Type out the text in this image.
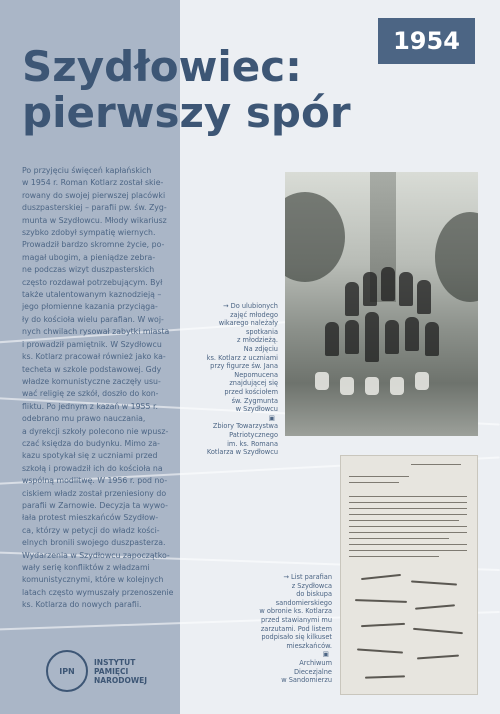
1954
Szydłowiec:
pierwszy spór

Po przyjęciu święceń kapłańskich
w 1954 r. Roman Kotlarz został skie-
rowany do swojej pierwszej placówki
duszpasterskiej – parafii pw. św. Zyg-
munta w Szydłowcu. Młody wikariusz
szybko zdobył sympatię wiernych.
Prowadził bardzo skromne życie, po-
magał ubogim, a pieniądze zebra-
ne podczas wizyt duszpasterskich
często rozdawał potrzebującym. Był
także utalentowanym kaznodzieją –
jego płomienne kazania przyciąga-
ły do kościoła wielu parafian. W woj-
nych chwilach rysował zabytki miasta
i prowadził pamiętnik. W Szydłowcu
ks. Kotlarz pracował również jako ka-
techeta w szkole podstawowej. Gdy
władze komunistyczne zaczęły usu-
wać religię ze szkół, doszło do kon-
fliktu. Po jednym z kazań w 1955 r.
odebrano mu prawo nauczania,
a dyrekcji szkoły polecono nie wpusz-
czać księdza do budynku. Mimo za-
kazu spotykał się z uczniami przed
szkołą i prowadził ich do kościoła na
wspólną modlitwę. W 1956 r. pod no-
ciskiem władz został przeniesiony do
parafii w Zarnowie. Decyzja ta wywo-
łała protest mieszkańców Szydłow-
ca, którzy w petycji do władz kości-
elnych bronili swojego duszpasterza.
Wydarzenia w Szydłowcu zapoczątko-
wały serię konfliktów z władzami
komunistycznymi, które w kolejnych
latach często wymuszały przenoszenie
ks. Kotlarza do nowych parafii.

→ Do ulubionych
zajęć młodego
wikarego należały
spotkania
z młodzieżą.
Na zdjęciu
ks. Kotlarz z uczniami
przy figurze św. Jana
Nepomucena
znajdującej się
przed kościołem
św. Zygmunta
w Szydłowcu
▣
Zbiory Towarzystwa
Patriotycznego
im. ks. Romana
Kotlarza w Szydłowcu

→ List parafian
z Szydłowca
do biskupa
sandomierskiego
w obronie ks. Kotlarza
przed stawianymi mu
zarzutami. Pod listem
podpisało się kilkuset
mieszkańców.
▣
Archiwum
Diecezjalne
w Sandomierzu

IPN
INSTYTUT
PAMIĘCI
NARODOWEJ
